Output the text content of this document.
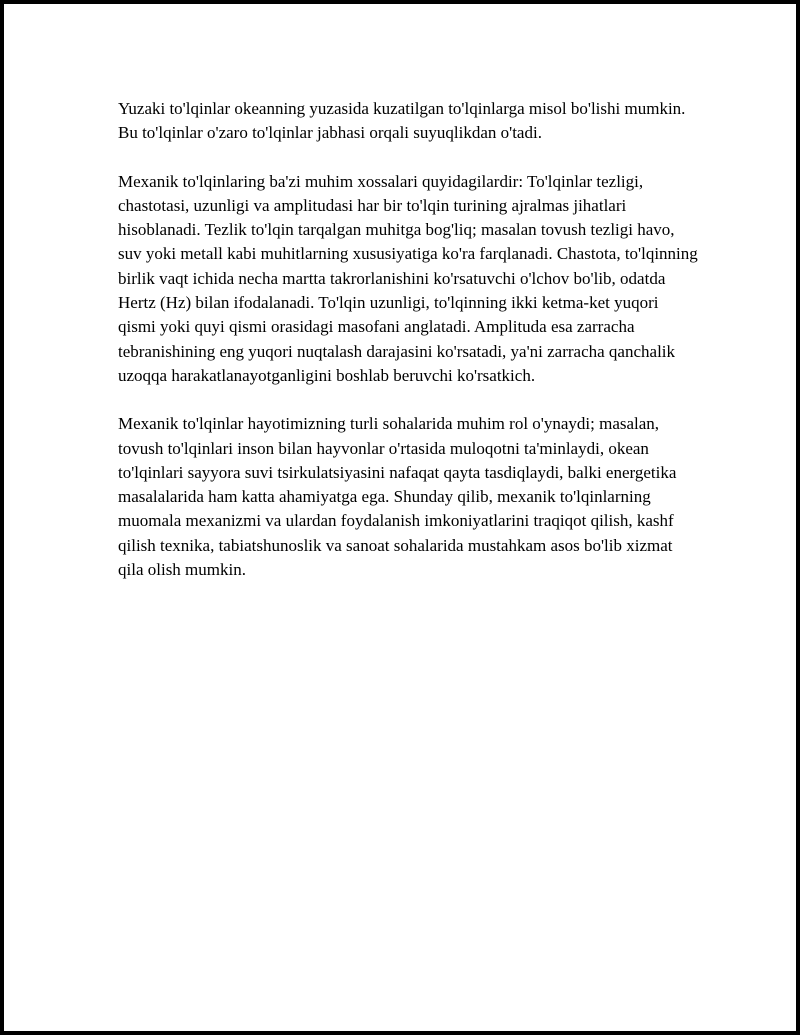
Yuzaki to'lqinlar okeanning yuzasida kuzatilgan to'lqinlarga misol bo'lishi mumkin. Bu to'lqinlar o'zaro to'lqinlar jabhasi orqali suyuqlikdan o'tadi.

Mexanik to'lqinlaring ba'zi muhim xossalari quyidagilardir: To'lqinlar tezligi, chastotasi, uzunligi va amplitudasi har bir to'lqin turining ajralmas jihatlari hisoblanadi. Tezlik to'lqin tarqalgan muhitga bog'liq; masalan tovush tezligi havo, suv yoki metall kabi muhitlarning xususiyatiga ko'ra farqlanadi. Chastota, to'lqinning birlik vaqt ichida necha martta takrorlanishini ko'rsatuvchi o'lchov bo'lib, odatda Hertz (Hz) bilan ifodalanadi. To'lqin uzunligi, to'lqinning ikki ketma-ket yuqori qismi yoki quyi qismi orasidagi masofani anglatadi. Amplituda esa zarracha tebranishining eng yuqori nuqtalash darajasini ko'rsatadi, ya'ni zarracha qanchalik uzoqqa harakatlanayotganligini boshlab beruvchi ko'rsatkich.

Mexanik to'lqinlar hayotimizning turli sohalarida muhim rol o'ynaydi; masalan, tovush to'lqinlari inson bilan hayvonlar o'rtasida muloqotni ta'minlaydi, okean to'lqinlari sayyora suvi tsirkulatsiyasini nafaqat qayta tasdiqlaydi, balki energetika masalalarida ham katta ahamiyatga ega. Shunday qilib, mexanik to'lqinlarning muomala mexanizmi va ulardan foydalanish imkoniyatlarini traqiqot qilish, kashf qilish texnika, tabiatshunoslik va sanoat sohalarida mustahkam asos bo'lib xizmat qila olish mumkin.
